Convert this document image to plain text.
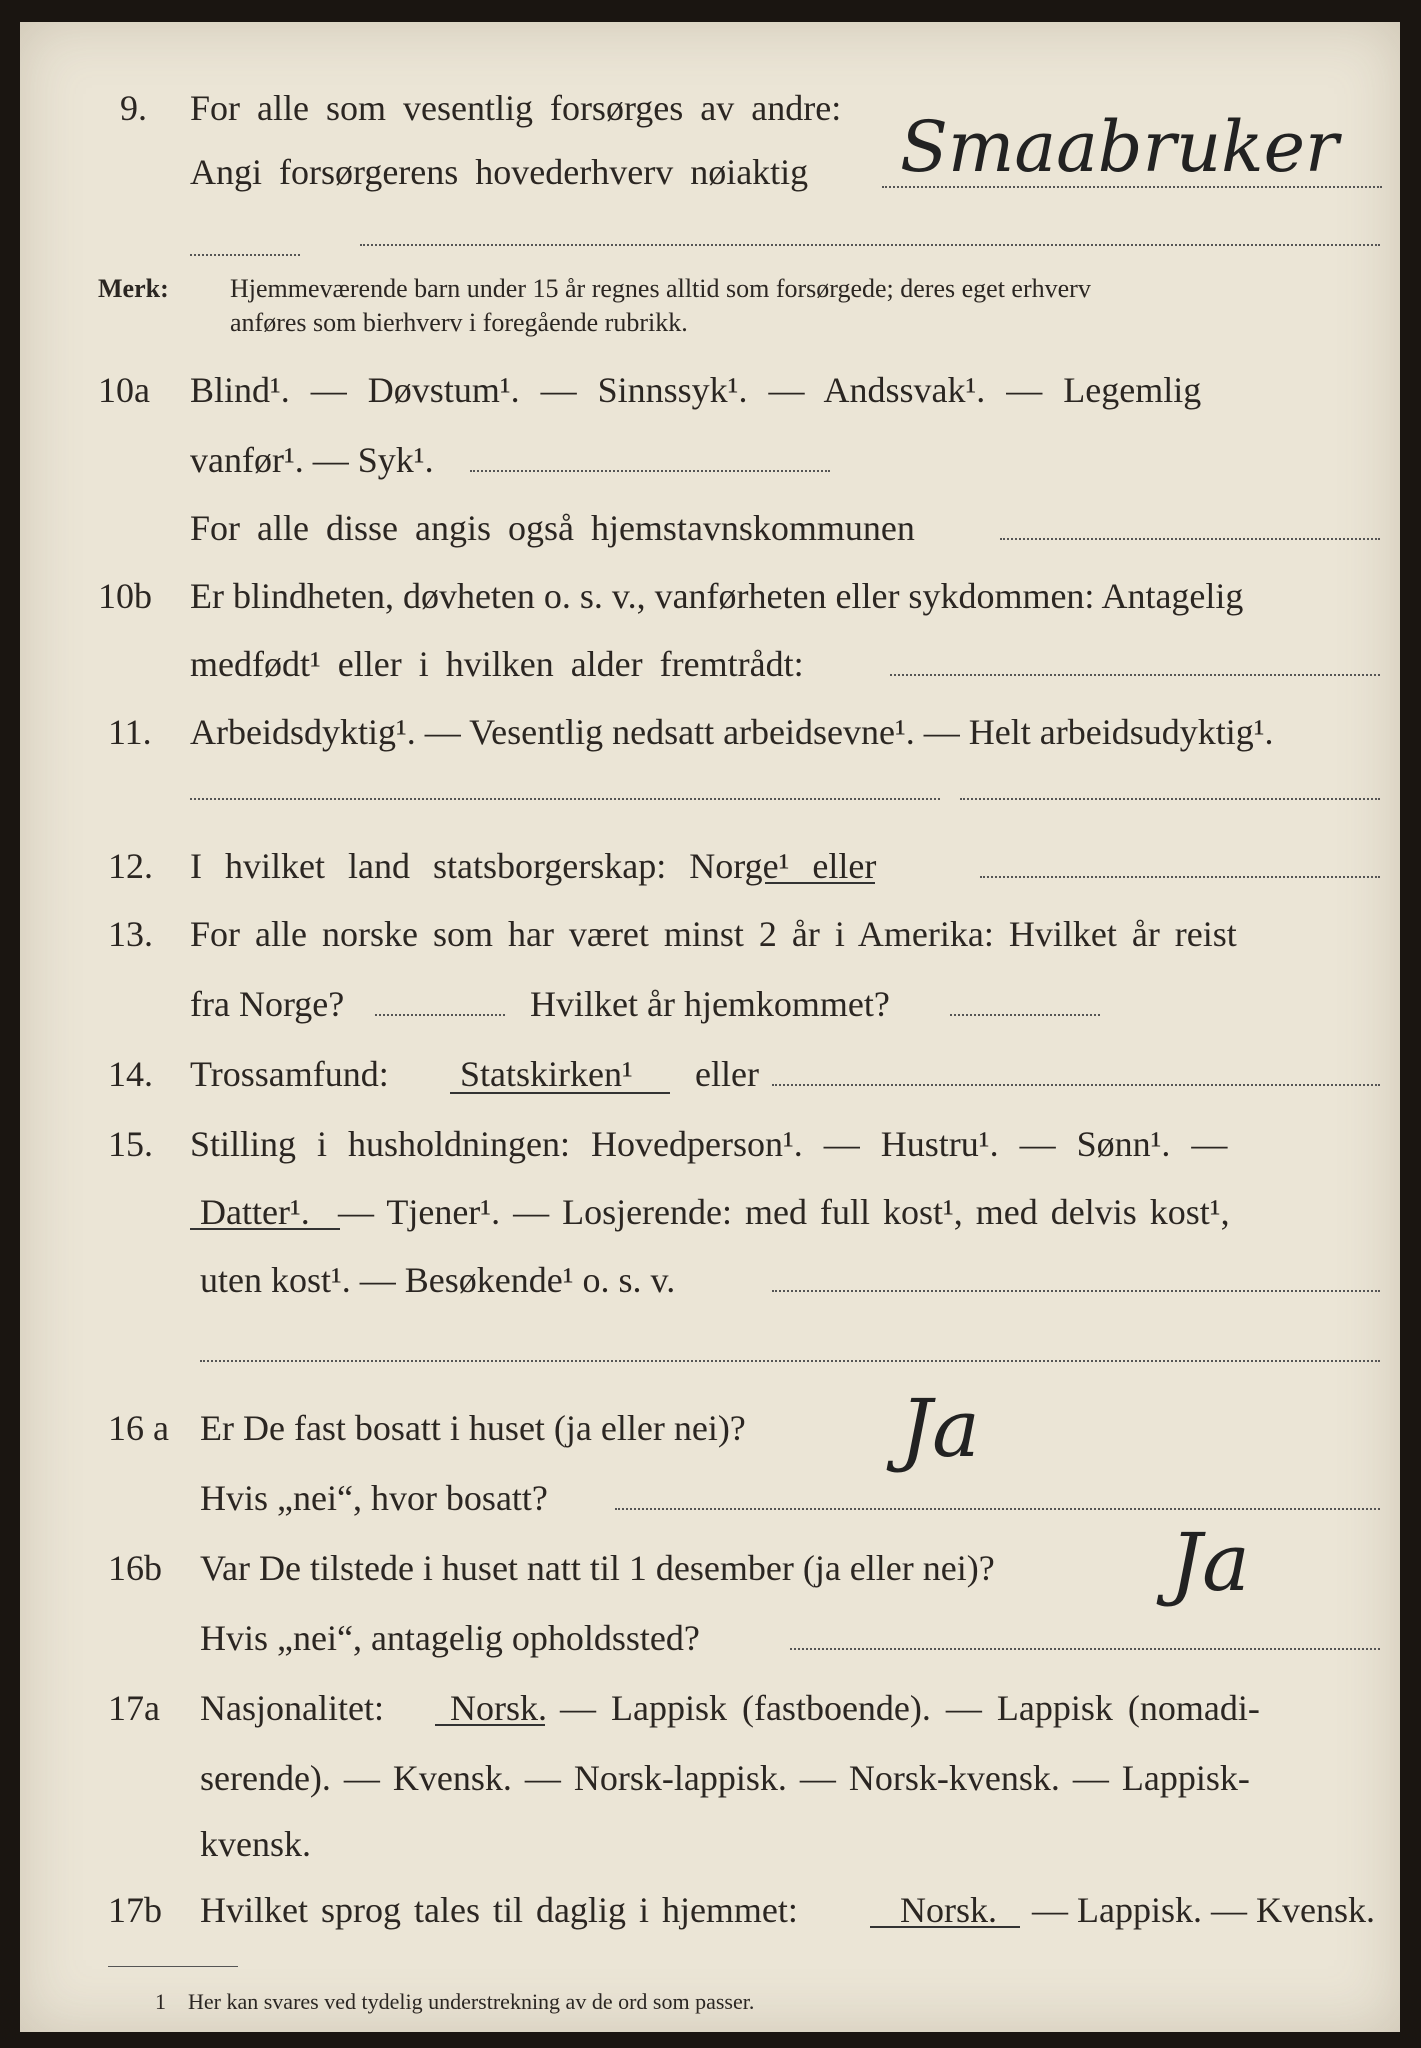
9. For alle som vesentlig forsørges av andre:
Angi forsørgerens hovederhverv nøiaktig Smaabruker
Merk: Hjemmeværende barn under 15 år regnes alltid som forsørgede; deres eget erhverv
anføres som bierhverv i foregående rubrikk.
10a Blind¹. — Døvstum¹. — Sinnssyk¹. — Andssvak¹. — Legemlig
vanfør¹. — Syk¹.
For alle disse angis også hjemstavnskommunen
10b Er blindheten, døvheten o. s. v., vanførheten eller sykdommen: Antagelig
medfødt¹ eller i hvilken alder fremtrådt:
11. Arbeidsdyktig¹. — Vesentlig nedsatt arbeidsevne¹. — Helt arbeidsudyktig¹.
12. I hvilket land statsborgerskap: Norge¹ eller
13. For alle norske som har været minst 2 år i Amerika: Hvilket år reist
fra Norge?	Hvilket år hjemkommet?
14. Trossamfund: Statskirken¹ eller
15. Stilling i husholdningen: Hovedperson¹. — Hustru¹. — Sønn¹. —
Datter¹. — Tjener¹. — Losjerende: med full kost¹, med delvis kost¹,
uten kost¹. — Besøkende¹ o. s. v.
16 a Er De fast bosatt i huset (ja eller nei)? Ja
Hvis „nei“, hvor bosatt?
16b Var De tilstede i huset natt til 1 desember (ja eller nei)? Ja
Hvis „nei“, antagelig opholdssted?
17a Nasjonalitet: Norsk. — Lappisk (fastboende). — Lappisk (nomadi-
serende). — Kvensk. — Norsk-lappisk. — Norsk-kvensk. — Lappisk-
kvensk.
17b Hvilket sprog tales til daglig i hjemmet:	Norsk. — Lappisk. — Kvensk.
1 Her kan svares ved tydelig understrekning av de ord som passer.
